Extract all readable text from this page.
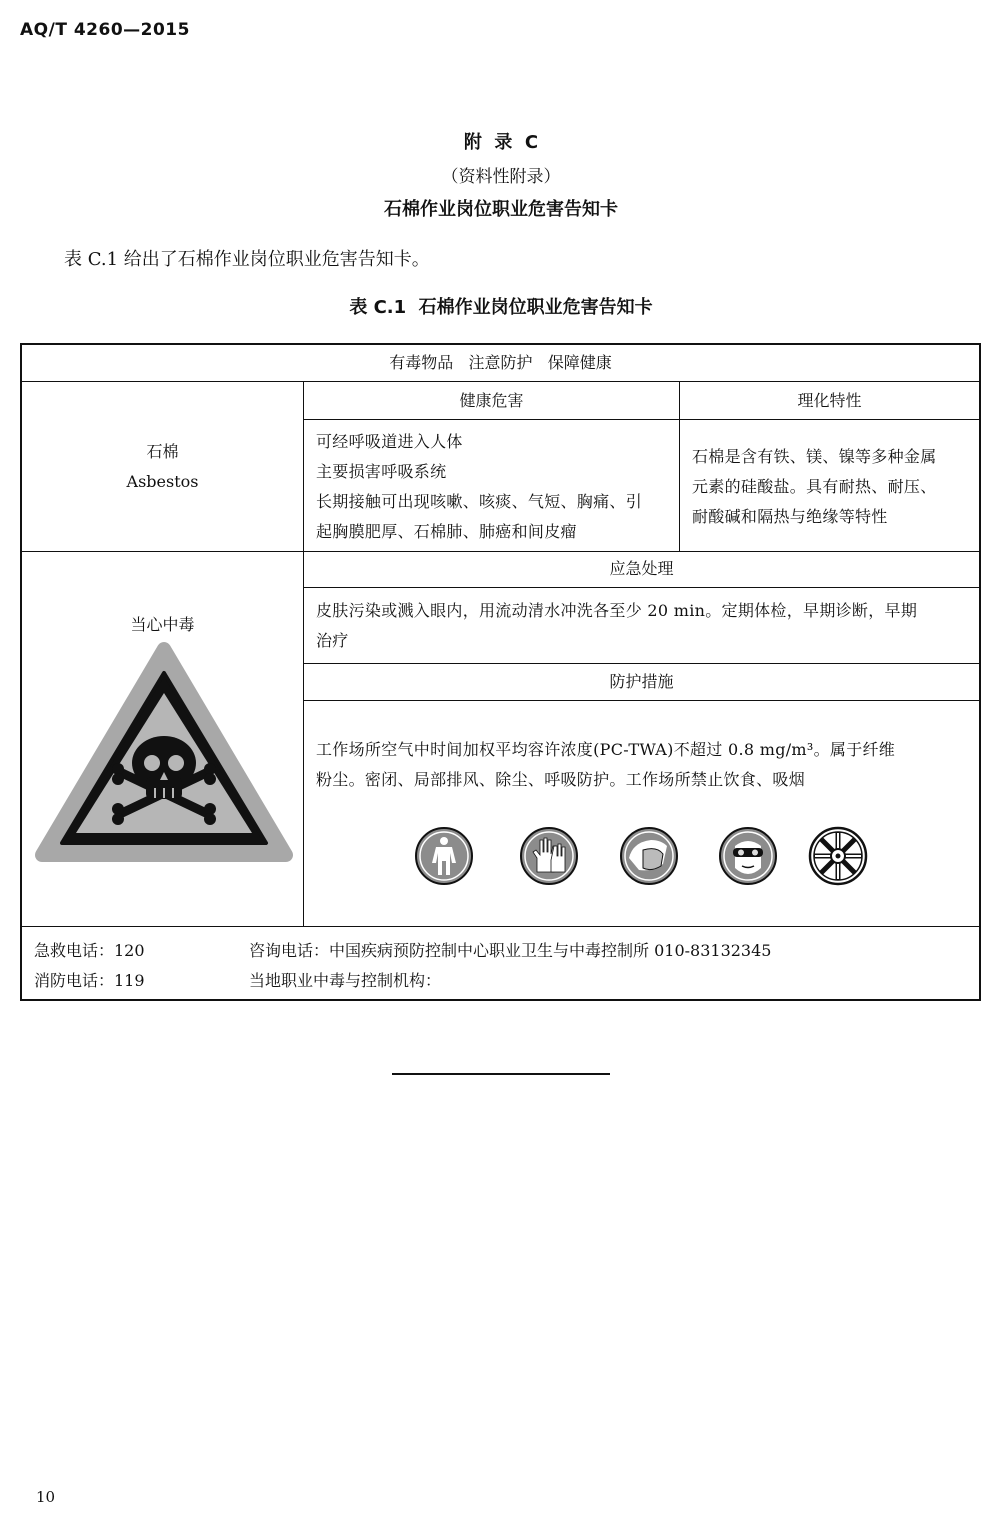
AQ/T 4260—2015
附  录  C
（资料性附录）
石棉作业岗位职业危害告知卡
表 C.1 给出了石棉作业岗位职业危害告知卡。
表 C.1  石棉作业岗位职业危害告知卡
有毒物品   注意防护   保障健康
石棉
Asbestos
健康危害
可经呼吸道进入人体
主要损害呼吸系统
长期接触可出现咳嗽、咳痰、气短、胸痛、引
起胸膜肥厚、石棉肺、肺癌和间皮瘤
理化特性
石棉是含有铁、镁、镍等多种金属
元素的硅酸盐。具有耐热、耐压、
耐酸碱和隔热与绝缘等特性
当心中毒
应急处理
皮肤污染或溅入眼内，用流动清水冲洗各至少 20 min。定期体检，早期诊断，早期
治疗
防护措施
工作场所空气中时间加权平均容许浓度(PC-TWA)不超过 0.8 mg/m³。属于纤维
粉尘。密闭、局部排风、除尘、呼吸防护。工作场所禁止饮食、吸烟
急救电话：120
消防电话：119
咨询电话：中国疾病预防控制中心职业卫生与中毒控制所 010-83132345
当地职业中毒与控制机构：
10
